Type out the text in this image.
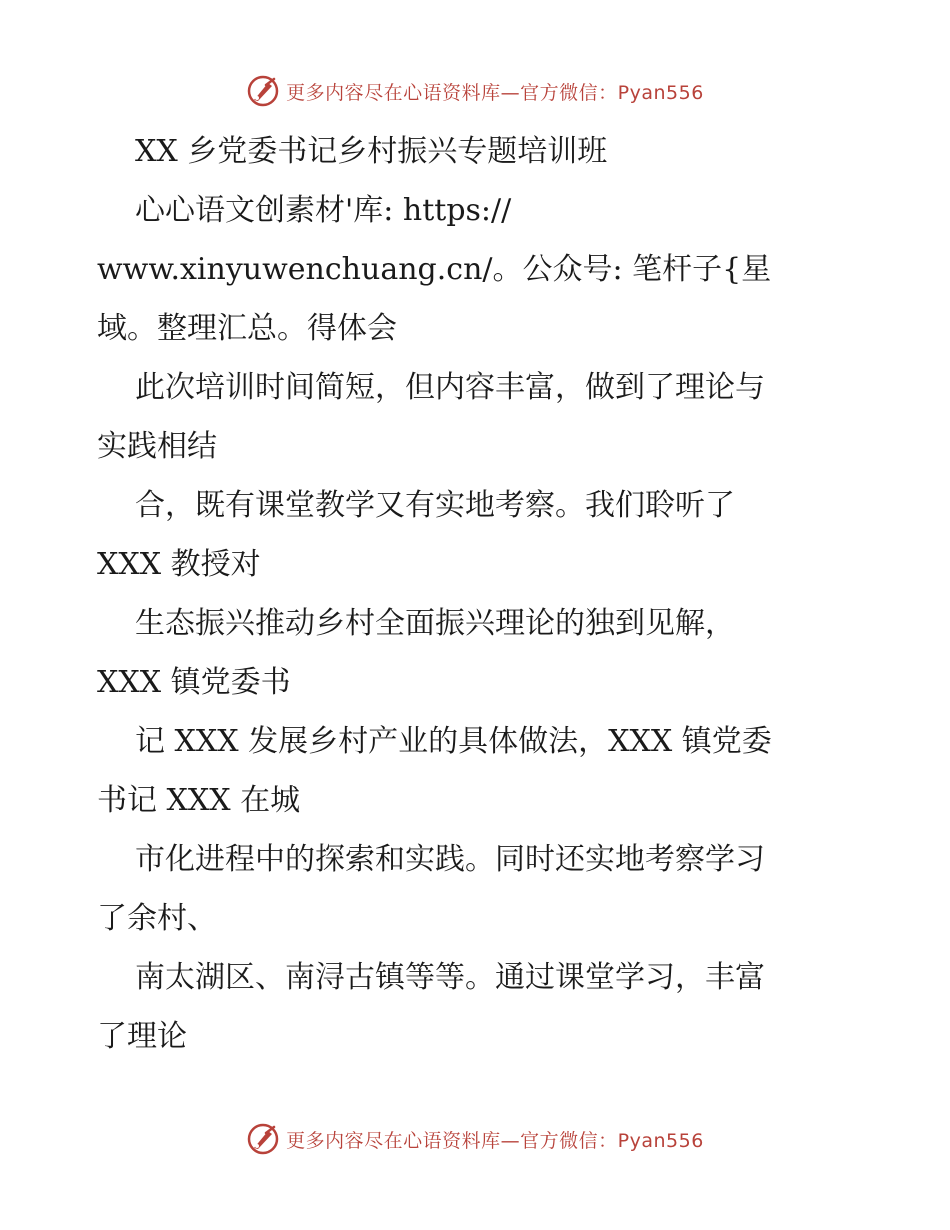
更多内容尽在心语资料库—官方微信：Pyan556
XX 乡党委书记乡村振兴专题培训班
心心语文创素材'库: https://
www.xinyuwenchuang.cn/。公众号: 笔杆子{星
域。整理汇总。得体会
此次培训时间简短，但内容丰富，做到了理论与
实践相结
合，既有课堂教学又有实地考察。我们聆听了
XXX 教授对
生态振兴推动乡村全面振兴理论的独到见解，
XXX 镇党委书
记 XXX 发展乡村产业的具体做法，XXX 镇党委
书记 XXX 在城
市化进程中的探索和实践。同时还实地考察学习
了余村、
南太湖区、南浔古镇等等。通过课堂学习，丰富
了理论
更多内容尽在心语资料库—官方微信：Pyan556
